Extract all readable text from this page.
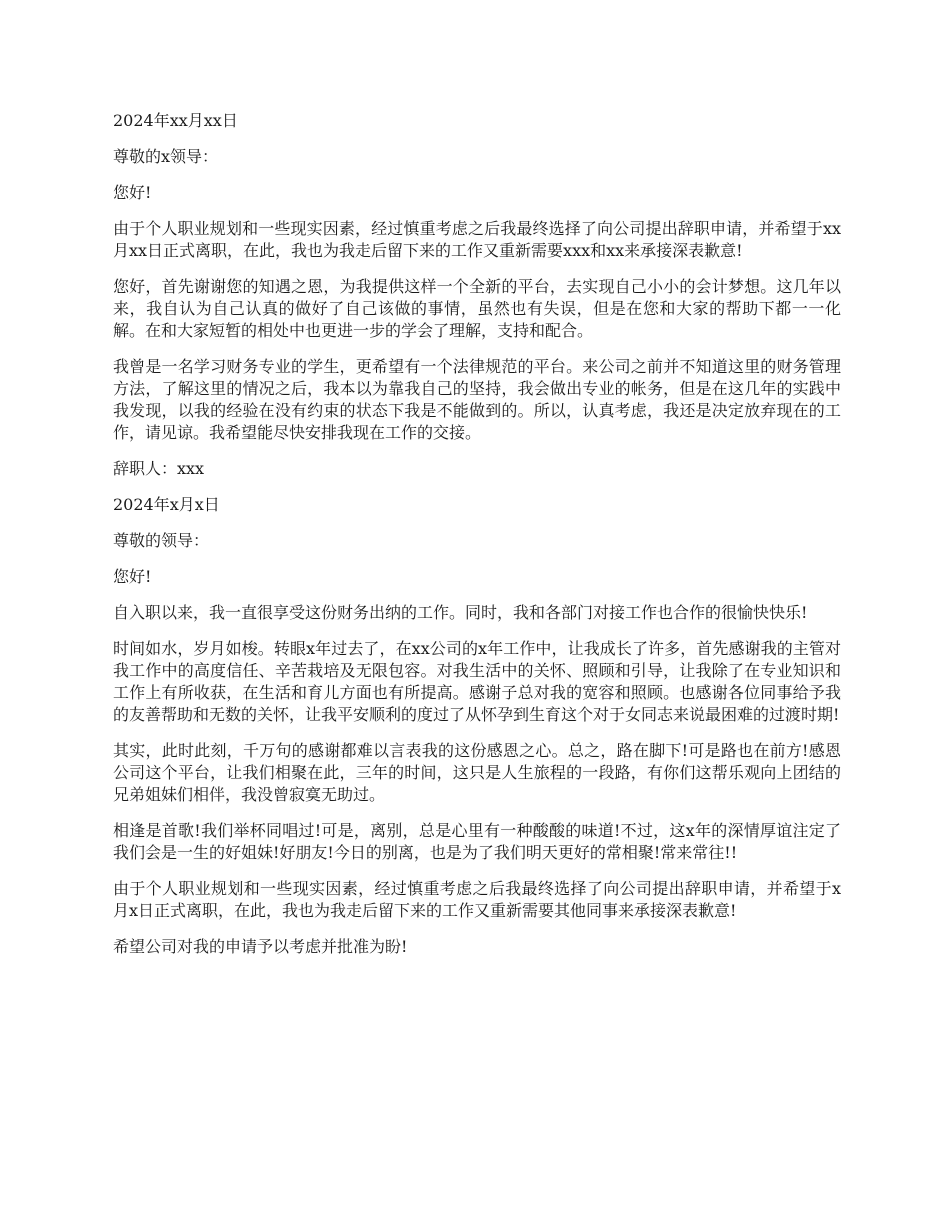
2024年xx月xx日

尊敬的x领导：

您好!

由于个人职业规划和一些现实因素，经过慎重考虑之后我最终选择了向公司提出辞职申请，并希望于xx月xx日正式离职，在此，我也为我走后留下来的工作又重新需要xxx和xx来承接深表歉意!

您好，首先谢谢您的知遇之恩，为我提供这样一个全新的平台，去实现自己小小的会计梦想。这几年以来，我自认为自己认真的做好了自己该做的事情，虽然也有失误，但是在您和大家的帮助下都一一化解。在和大家短暂的相处中也更进一步的学会了理解，支持和配合。

我曾是一名学习财务专业的学生，更希望有一个法律规范的平台。来公司之前并不知道这里的财务管理方法，了解这里的情况之后，我本以为靠我自己的坚持，我会做出专业的帐务，但是在这几年的实践中我发现，以我的经验在没有约束的状态下我是不能做到的。所以，认真考虑，我还是决定放弃现在的工作，请见谅。我希望能尽快安排我现在工作的交接。

辞职人：xxx

2024年x月x日

尊敬的领导：

您好!

自入职以来，我一直很享受这份财务出纳的工作。同时，我和各部门对接工作也合作的很愉快快乐!

时间如水，岁月如梭。转眼x年过去了，在xx公司的x年工作中，让我成长了许多，首先感谢我的主管对我工作中的高度信任、辛苦栽培及无限包容。对我生活中的关怀、照顾和引导，让我除了在专业知识和工作上有所收获，在生活和育儿方面也有所提高。感谢子总对我的宽容和照顾。也感谢各位同事给予我的友善帮助和无数的关怀，让我平安顺利的度过了从怀孕到生育这个对于女同志来说最困难的过渡时期!

其实，此时此刻，千万句的感谢都难以言表我的这份感恩之心。总之，路在脚下!可是路也在前方!感恩公司这个平台，让我们相聚在此，三年的时间，这只是人生旅程的一段路，有你们这帮乐观向上团结的兄弟姐妹们相伴，我没曾寂寞无助过。

相逢是首歌!我们举杯同唱过!可是，离别，总是心里有一种酸酸的味道!不过，这x年的深情厚谊注定了我们会是一生的好姐妹!好朋友!今日的别离，也是为了我们明天更好的常相聚!常来常往!!

由于个人职业规划和一些现实因素，经过慎重考虑之后我最终选择了向公司提出辞职申请，并希望于x月x日正式离职，在此，我也为我走后留下来的工作又重新需要其他同事来承接深表歉意!

希望公司对我的申请予以考虑并批准为盼!
